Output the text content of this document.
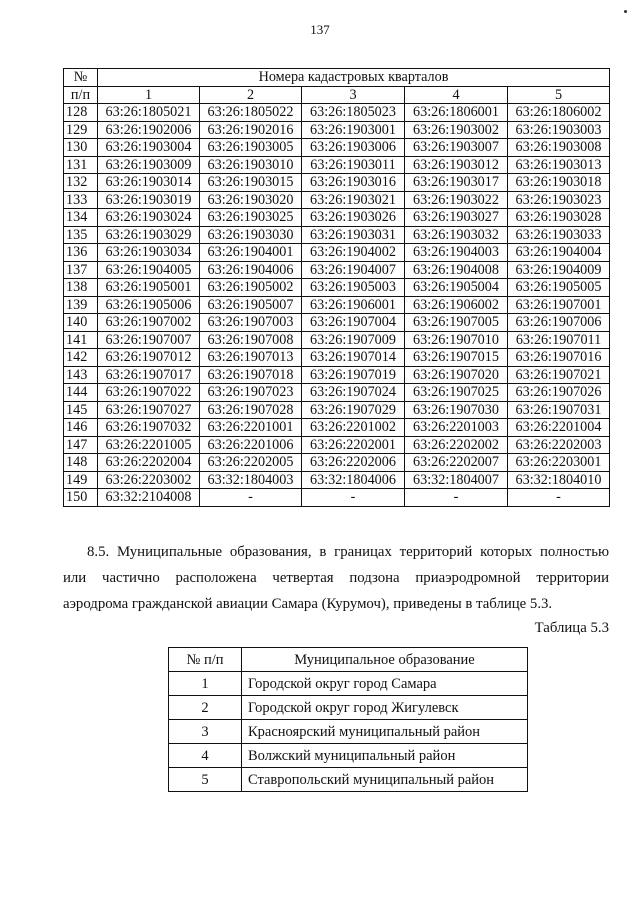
137
№	Номера кадастровых кварталов				
п/п	1	2	3	4	5
128	63:26:1805021	63:26:1805022	63:26:1805023	63:26:1806001	63:26:1806002
129	63:26:1902006	63:26:1902016	63:26:1903001	63:26:1903002	63:26:1903003
130	63:26:1903004	63:26:1903005	63:26:1903006	63:26:1903007	63:26:1903008
131	63:26:1903009	63:26:1903010	63:26:1903011	63:26:1903012	63:26:1903013
132	63:26:1903014	63:26:1903015	63:26:1903016	63:26:1903017	63:26:1903018
133	63:26:1903019	63:26:1903020	63:26:1903021	63:26:1903022	63:26:1903023
134	63:26:1903024	63:26:1903025	63:26:1903026	63:26:1903027	63:26:1903028
135	63:26:1903029	63:26:1903030	63:26:1903031	63:26:1903032	63:26:1903033
136	63:26:1903034	63:26:1904001	63:26:1904002	63:26:1904003	63:26:1904004
137	63:26:1904005	63:26:1904006	63:26:1904007	63:26:1904008	63:26:1904009
138	63:26:1905001	63:26:1905002	63:26:1905003	63:26:1905004	63:26:1905005
139	63:26:1905006	63:26:1905007	63:26:1906001	63:26:1906002	63:26:1907001
140	63:26:1907002	63:26:1907003	63:26:1907004	63:26:1907005	63:26:1907006
141	63:26:1907007	63:26:1907008	63:26:1907009	63:26:1907010	63:26:1907011
142	63:26:1907012	63:26:1907013	63:26:1907014	63:26:1907015	63:26:1907016
143	63:26:1907017	63:26:1907018	63:26:1907019	63:26:1907020	63:26:1907021
144	63:26:1907022	63:26:1907023	63:26:1907024	63:26:1907025	63:26:1907026
145	63:26:1907027	63:26:1907028	63:26:1907029	63:26:1907030	63:26:1907031
146	63:26:1907032	63:26:2201001	63:26:2201002	63:26:2201003	63:26:2201004
147	63:26:2201005	63:26:2201006	63:26:2202001	63:26:2202002	63:26:2202003
148	63:26:2202004	63:26:2202005	63:26:2202006	63:26:2202007	63:26:2203001
149	63:26:2203002	63:32:1804003	63:32:1804006	63:32:1804007	63:32:1804010
150	63:32:2104008	-	-	-	-

8.5. Муниципальные образования, в границах территорий которых полностью
или частично расположена четвертая подзона приаэродромной территории
аэродрома гражданской авиации Самара (Курумоч), приведены в таблице 5.3.

Таблица 5.3
№ п/п	Муниципальное образование
1	Городской округ город Самара
2	Городской округ город Жигулевск
3	Красноярский муниципальный район
4	Волжский муниципальный район
5	Ставропольский муниципальный район
